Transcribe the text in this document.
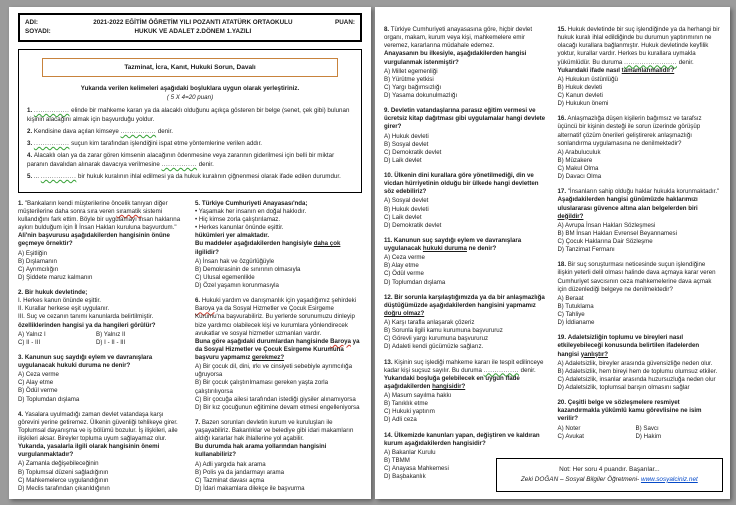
ADI:
SOYADI:
2021-2022 EĞİTİM ÖĞRETİM YILI POZANTI ATATÜRK ORTAOKULU
HUKUK VE ADALET 2.DÖNEM 1.YAZILI
PUAN:
Tazminat, İcra, Kanıt, Hukuki Sorun, Davalı
Yukarıda verilen kelimeleri aşağıdaki boşluklara uygun olarak yerleştiriniz.
( 5 X 4=20 puan)

1. ................ elinde bir mahkeme kararı ya da alacaklı olduğunu açıkça gösteren bir belge (senet, çek gibi) bulunan kişinin alacağını almak için başvurduğu yoldur.

2. Kendisine dava açılan kimseye ................ denir.

3. ................ suçun kim tarafından işlendiğini ispat etme yöntemlerine verilen addır.

4. Alacaklı olan ya da zarar gören kimsenin alacağının ödenmesine veya zararının giderilmesi için belli bir miktar paranın davalıdan alınarak davacıya verilmesine ................ denir.

5. ... ................ bir hukuk kuralının ihlal edilmesi ya da hukuk kuralının çiğnenmesi olarak ifade edilen durumdur.

1. "Bankaların kendi müşterilerine öncelik tanıyan diğer müşterilerine daha sonra sıra veren sıramatik sistemi kullandığını fark ettim. Böyle bir uygulamayı insan haklarına aykırı bulduğum için İl İnsan Hakları kuruluna başvurdum."
Ali'nin başvurusu aşağıdakilerden hangisinin önüne geçmeye örnektir?
A) Eşitliğin
B) Dışlamanın
C) Ayrımcılığın
D) Şiddete maruz kalmanın
2. Bir hukuk devletinde;
I. Herkes kanun önünde eşittir.
II. Kurallar herkese eşit uygulanır.
III. Suç ve cezanın tanımı kanunlarda belirtilmiştir.
özelliklerinden hangisi ya da hangileri görülür?
A) Yalnız I	B) Yalnız II
C) II - III	D) I - II - III
3. Kanunun suç saydığı eylem ve davranışlara uygulanacak hukuki duruma ne denir?
A) Ceza verme
C) Alay etme
B) Ödül verme
D) Toplumdan dışlama
4. Yasalara uyulmadığı zaman devlet vatandaşa karşı görevini yerine getiremez. Ülkenin güvenliği tehlikeye girer. Toplumsal dayanışma ve iş bölümü bozulur. İş ilişkileri, aile ilişkileri aksar. Bireyler topluma uyum sağlayamaz olur.
Yukarıda, yasalarla ilgili olarak hangisinin önemi vurgulanmaktadır?
A) Zamanla değişebileceğinin
B) Toplumsal düzeni sağladığının
C) Mahkemelerce uygulandığının
D) Meclis tarafından çıkarıldığının
5. Türkiye Cumhuriyeti Anayasası'nda;
• Yaşamak her insanın en doğal hakkıdır.
• Hiç kimse zorla çalıştırılamaz.
• Herkes kanunlar önünde eşittir.
hükümleri yer almaktadır.
Bu maddeler aşağıdakilerden hangisiyle daha çok ilgilidir?
A) İnsan hak ve özgürlüğüyle
B) Demokrasinin de sınırının olmasıyla
C) Ulusal egemenlikle
D) Özel yaşamın korunmasıyla
6. Hukuki yardım ve danışmanlık için yaşadığımız şehirdeki Baroya ya da Sosyal Hizmetler ve Çocuk Esirgeme Kurumu'na başvurabiliriz. Bu yerlerde sorunumuzu dinleyip bize yardımcı olabilecek kişi ve kurumlara yönlendirecek avukatlar ve sosyal hizmetler uzmanları vardır.
Buna göre aşağıdaki durumlardan hangisinde Baroya ya da Sosyal Hizmetler ve Çocuk Esirgeme Kurumuna başvuru yapmamız gerekmez?
A) Bir çocuk dil, dini, ırkı ve cinsiyeti sebebiyle ayrımcılığa uğruyorsa
B) Bir çocuk çalıştırılmaması gereken yaşta zorla çalıştırılıyorsa
C) Bir çocuğa ailesi tarafından istediği giysiler alınamıyorsa
D) Bir kız çocuğunun eğitimine devam etmesi engelleniyorsa
7. Bazen sorunları devletin kurum ve kuruluşları ile yaşayabiliriz. Bakanlıklar ve belediye gibi idari makamların aldığı kararlar hak ihlallerine yol açabilir.
Bu durumda hak arama yollarından hangisini kullanabiliriz?
A) Adli yargıda hak arama
B) Polis ya da jandarmayı arama
C) Tazminat davası açma
D) İdari makamlara dilekçe ile başvurma
8. Türkiye Cumhuriyeti anayasasına göre, hiçbir devlet organı, makam, kurum veya kişi, mahkemelere emir veremez, kararlarına müdahale edemez.
Anayasanın bu ilkesiyle, aşağıdakilerden hangisi vurgulanmak istenmiştir?
A) Millet egemenliği
B) Yürütme yetkisi
C) Yargı bağımsızlığı
D) Yasama dokunulmazlığı
9. Devletin vatandaşlarına parasız eğitim vermesi ve ücretsiz kitap dağıtması gibi uygulamalar hangi devlete girer?
A) Hukuk devleti
B) Sosyal devlet
C) Demokratik devlet
D) Laik devlet
10. Ülkenin dini kurallara göre yönetilmediği, din ve vicdan hürriyetinin olduğu bir ülkede hangi devletten söz edebiliriz?
A) Sosyal devlet
B) Hukuk devleti
C) Laik devlet
D) Demokratik devlet
11. Kanunun suç saydığı eylem ve davranışlara uygulanacak hukuki duruma ne denir?
A) Ceza verme
B) Alay etme
C) Ödül verme
D) Toplumdan dışlama
12. Bir sorunla karşılaştığımızda ya da bir anlaşmazlığa düştüğümüzde aşağıdakilerden hangisini yapmamız doğru olmaz?
A) Karşı tarafla anlaşarak çözeriz
B) Sorunla ilgili kamu kurumuna başvururuz
C) Görevli yargı kurumuna başvururuz
D) Adaleti kendi gücümüzle sağlarız.
13. Kişinin suç işlediği mahkeme kararı ile tespit edilinceye kadar kişi suçsuz sayılır. Bu duruma ................ denir.
Yukarıdaki boşluğa gelebilecek en uygun ifade aşağıdakilerden hangisidir?
A) Masum sayılma hakkı
B) Tanıklık etme
C) Hukuki yaptırım
D) Adli ceza
14. Ülkemizde kanunları yapan, değiştiren ve kaldıran kurum aşağıdakilerden hangisidir?
A) Bakanlar Kurulu
B) TBMM
C) Anayasa Mahkemesi
D) Başbakanlık
15. Hukuk devletinde bir suç işlendiğinde ya da herhangi bir hukuk kuralı ihlal edildiğinde bu durumun yaptırımının ne olacağı kurallara bağlanmıştır. Hukuk devletinde keyfilik yoktur, kurallar vardır. Herkes bu kurallara uymakla yükümlüdür. Bu duruma ........................ denir.
Yukarıdaki ifade nasıl tamamlanmalıdır?
A) Hukukun üstünlüğü
B) Hukuk devleti
C) Kanun devleti
D) Hukukun önemi
16. Anlaşmazlığa düşen kişilerin bağımsız ve tarafsız üçüncü bir kişinin desteği ile sorun üzerinde görüşüp alternatif çözüm önerileri geliştirerek anlaşmazlığı sonlandırma uygulamasına ne denilmektedir?
A) Arabuluculuk
B) Müzakere
C) Makul Olma
D) Davacı Olma
17. "İnsanların sahip olduğu haklar hukukla korunmaktadır."
Aşağıdakilerden hangisi günümüzde haklarımızı uluslararası güvence altına alan belgelerden biri değildir?
A) Avrupa İnsan Hakları Sözleşmesi
B) BM İnsan Hakları Evrensel Beyannamesi
C) Çocuk Haklarına Dair Sözleşme
D) Tanzimat Fermanı
18. Bir suç soruşturması neticesinde suçun işlendiğine ilişkin yeterli delil olması halinde dava açmaya karar veren Cumhuriyet savcısının ceza mahkemelerine dava açmak için düzenlediği belgeye ne denilmektedir?
A) Beraat
B) Tutuklama
C) Tahliye
D) İddianame
19. Adaletsizliğin toplumu ve bireyleri nasıl etkileyebileceği konusunda belirtilen ifadelerden hangisi yanlıştır?
A) Adaletsizlik, bireyler arasında güvensizliğe neden olur.
B) Adaletsizlik, hem bireyi hem de toplumu olumsuz etkiler.
C) Adaletsizlik, insanlar arasında huzursuzluğa neden olur
D) Adaletsizlik, toplumsal barışın olmasını sağlar
20. Çeşitli belge ve sözleşmelere resmiyet kazandırmakla yükümlü kamu görevlisine ne isim verilir?
A) Noter	B) Savcı
C) Avukat	D) Hakim
Not: Her soru 4 puandır. Başarılar...
Zeki DOĞAN – Sosyal Bilgiler Öğretmeni- www.sosyalciniz.net
